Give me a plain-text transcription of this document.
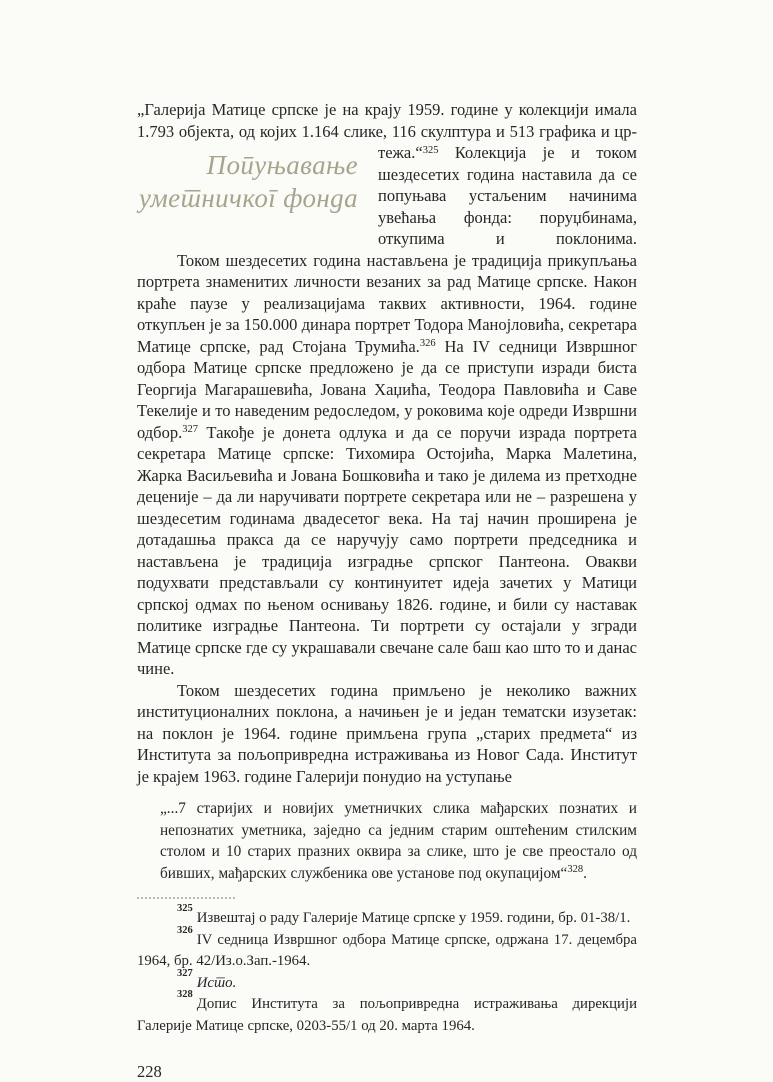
„Галерија Матице српске је на крају 1959. године у колекцији имала 1.793 објекта, од којих 1.164 слике, 116 скулптура и 513 графика и цр-

Попуњавање
уметничког фонда

тежа.“$^{325}$ Колекција је и током шездесетих година наставила да се попуњава устаљеним начинима увећања фонда: поруџбинама, откупима и поклонима.

Током шездесетих година настављена је традиција прикупљања портрета знаменитих личности везаних за рад Матице српске. Након краће паузе у реализацијама таквих активности, 1964. године откупљен је за 150.000 динара портрет Тодора Манојловића, секретара Матице српске, рад Стојана Трумића.$^{326}$ На IV седници Извршног одбора Матице српске предложено је да се приступи изради биста Георгија Магарашевића, Јована Хаџића, Теодора Павловића и Саве Текелије и то наведеним редоследом, у роковима које одреди Извршни одбор.$^{327}$ Такође је донета одлука и да се поручи израда портрета секретара Матице српске: Тихомира Остојића, Марка Малетина, Жарка Васиљевића и Јована Бошковића и тако је дилема из претходне деценије – да ли наручивати портрете секретара или не – разрешена у шездесетим годинама двадесетог века. На тај начин проширена је дотадашња пракса да се наручују само портрети председника и настављена је традиција изградње српског Пантеона. Овакви подухвати представљали су континуитет идеја зачетих у Матици српској одмах по њеном оснивању 1826. године, и били су наставак политике изградње Пантеона. Ти портрети су остајали у згради Матице српске где су украшавали свечане сале баш као што то и данас чине.

Током шездесетих година примљено је неколико важних институционалних поклона, а начињен је и један тематски изузетак: на поклон је 1964. године примљена група „старих предмета“ из Института за пољопривредна истраживања из Новог Сада. Институт је крајем 1963. године Галерији понудио на уступање

„...7 старијих и новијих уметничких слика мађарских познатих и непознатих уметника, заједно са једним старим оштећеним стилским столом и 10 старих празних оквира за слике, што је све преостало од бивших, мађарских службеника ове установе под окупацијом“$^{328}$.

$^{325}$Извештај о раду Галерије Матице српске у 1959. години, бр. 01-38/1.

$^{326}$IV седница Извршног одбора Матице српске, одржана 17. децембра 1964, бр. 42/Из.о.Зап.-1964.

$^{327}$Исто.

$^{328}$Допис Института за пољопривредна истраживања дирекцији Галерије Матице српске, 0203-55/1 од 20. марта 1964.

228
